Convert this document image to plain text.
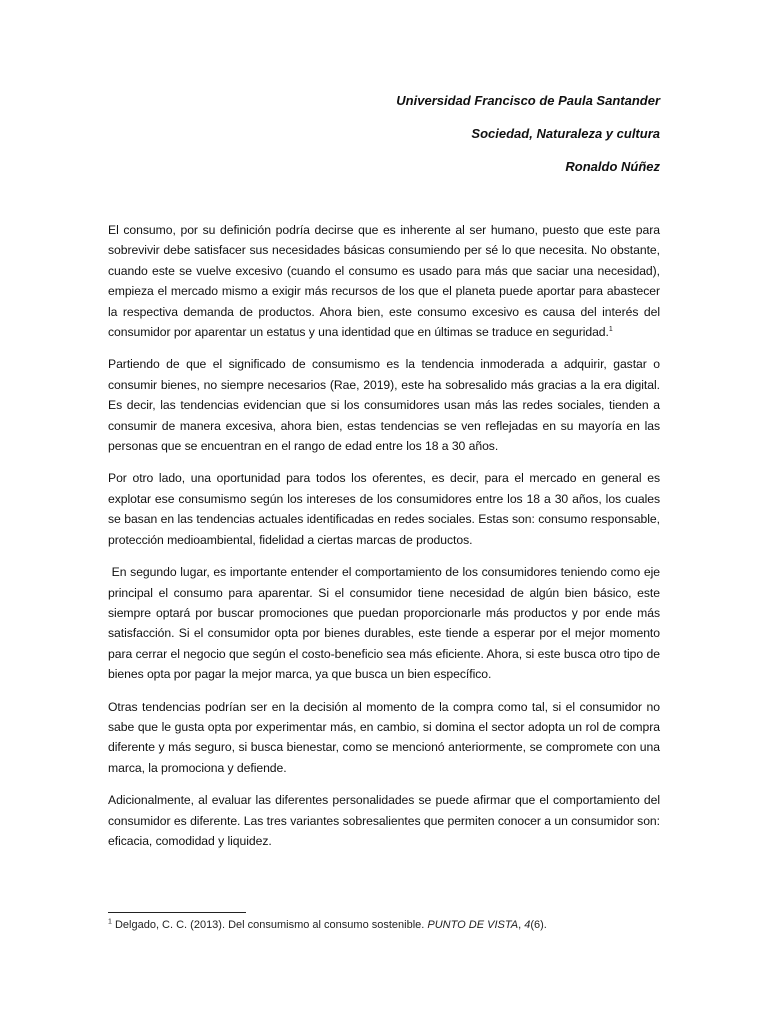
Universidad Francisco de Paula Santander

Sociedad, Naturaleza y cultura

Ronaldo Núñez

El consumo, por su definición podría decirse que es inherente al ser humano, puesto que este para sobrevivir debe satisfacer sus necesidades básicas consumiendo per sé lo que necesita. No obstante, cuando este se vuelve excesivo (cuando el consumo es usado para más que saciar una necesidad), empieza el mercado mismo a exigir más recursos de los que el planeta puede aportar para abastecer la respectiva demanda de productos. Ahora bien, este consumo excesivo es causa del interés del consumidor por aparentar un estatus y una identidad que en últimas se traduce en seguridad.$^1$

Partiendo de que el significado de consumismo es la tendencia inmoderada a adquirir, gastar o consumir bienes, no siempre necesarios (Rae, 2019), este ha sobresalido más gracias a la era digital. Es decir, las tendencias evidencian que si los consumidores usan más las redes sociales, tienden a consumir de manera excesiva, ahora bien, estas tendencias se ven reflejadas en su mayoría en las personas que se encuentran en el rango de edad entre los 18 a 30 años.

Por otro lado, una oportunidad para todos los oferentes, es decir, para el mercado en general es explotar ese consumismo según los intereses de los consumidores entre los 18 a 30 años, los cuales se basan en las tendencias actuales identificadas en redes sociales. Estas son: consumo responsable, protección medioambiental, fidelidad a ciertas marcas de productos.

En segundo lugar, es importante entender el comportamiento de los consumidores teniendo como eje principal el consumo para aparentar. Si el consumidor tiene necesidad de algún bien básico, este siempre optará por buscar promociones que puedan proporcionarle más productos y por ende más satisfacción. Si el consumidor opta por bienes durables, este tiende a esperar por el mejor momento para cerrar el negocio que según el costo-beneficio sea más eficiente. Ahora, si este busca otro tipo de bienes opta por pagar la mejor marca, ya que busca un bien específico.

Otras tendencias podrían ser en la decisión al momento de la compra como tal, si el consumidor no sabe que le gusta opta por experimentar más, en cambio, si domina el sector adopta un rol de compra diferente y más seguro, si busca bienestar, como se mencionó anteriormente, se compromete con una marca, la promociona y defiende.

Adicionalmente, al evaluar las diferentes personalidades se puede afirmar que el comportamiento del consumidor es diferente. Las tres variantes sobresalientes que permiten conocer a un consumidor son: eficacia, comodidad y liquidez.

$^1$ Delgado, C. C. (2013). Del consumismo al consumo sostenible. PUNTO DE VISTA, 4(6).
